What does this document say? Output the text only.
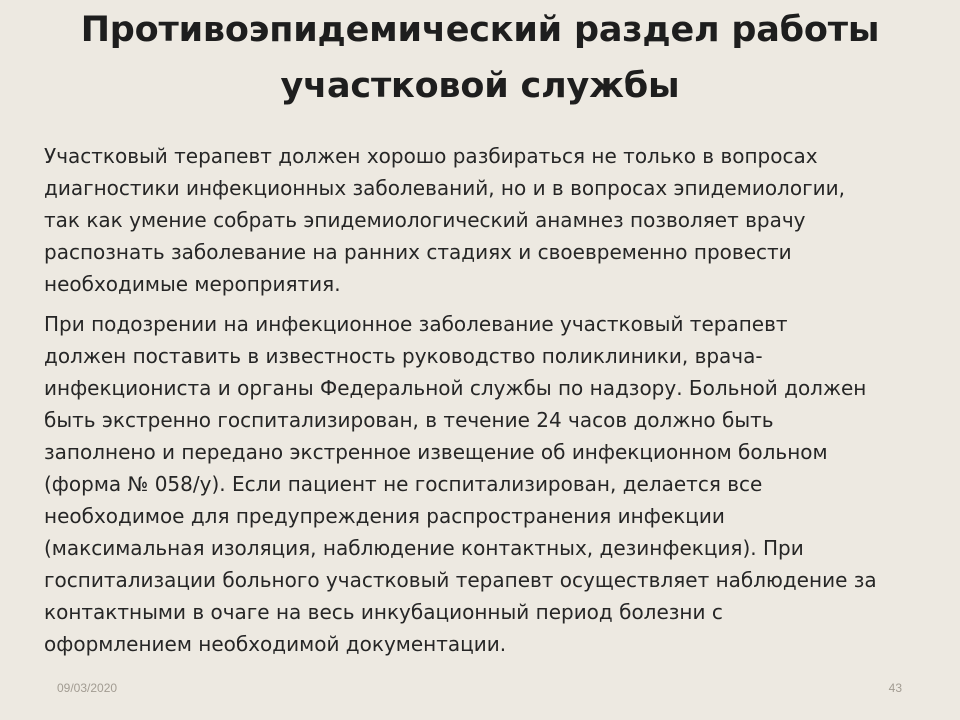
Противоэпидемический раздел работы
участковой службы

Участковый терапевт должен хорошо разбираться не только в вопросах
диагностики инфекционных заболеваний, но и в вопросах эпидемиологии,
так как умение собрать эпидемиологический анамнез позволяет врачу
распознать заболевание на ранних стадиях и своевременно провести
необходимые мероприятия.

При подозрении на инфекционное заболевание участковый терапевт
должен поставить в известность руководство поликлиники, врача-
инфекциониста и органы Федеральной службы по надзору. Больной должен
быть экстренно госпитализирован, в течение 24 часов должно быть
заполнено и передано экстренное извещение об инфекционном больном
(форма № 058/у). Если пациент не госпитализирован, делается все
необходимое для предупреждения распространения инфекции
(максимальная изоляция, наблюдение контактных, дезинфекция). При
госпитализации больного участковый терапевт осуществляет наблюдение за
контактными в очаге на весь инкубационный период болезни с
оформлением необходимой документации.

09/03/2020	43
